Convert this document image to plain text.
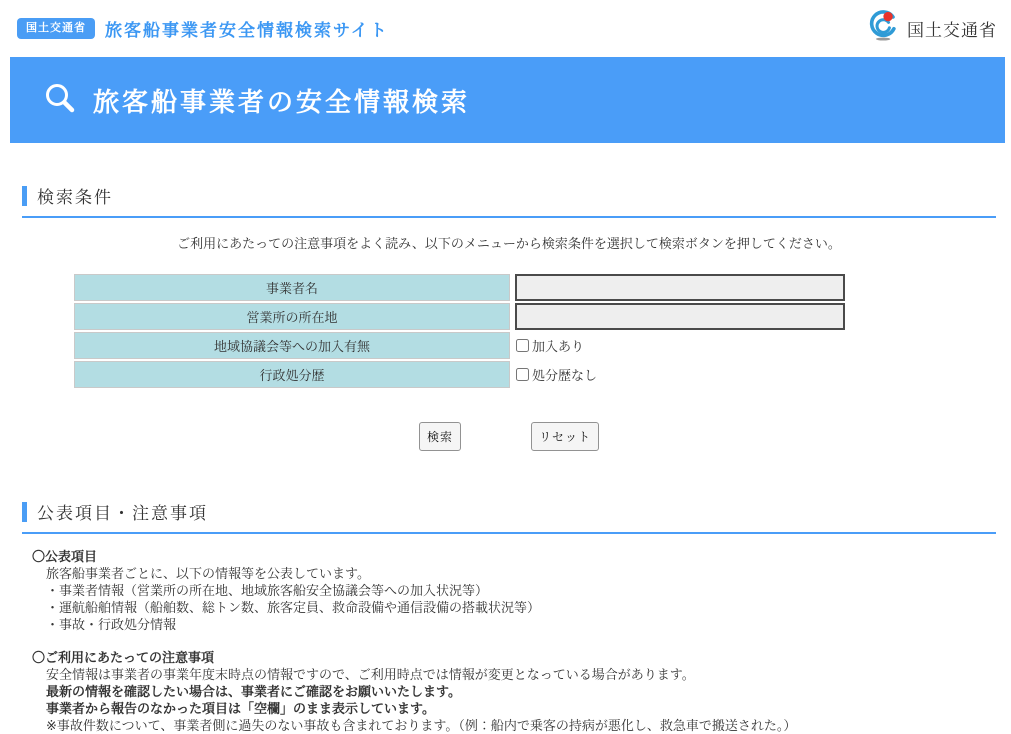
国土交通省	旅客船事業者安全情報検索サイト	国土交通省
旅客船事業者の安全情報検索
検索条件
ご利用にあたっての注意事項をよく読み、以下のメニューから検索条件を選択して検索ボタンを押してください。
事業者名	
営業所の所在地	
地域協議会等への加入有無	加入あり

行政処分歴	処分歴なし
検索	リセット
公表項目・注意事項
〇公表項目
旅客船事業者ごとに、以下の情報等を公表しています。
・事業者情報（営業所の所在地、地域旅客船安全協議会等への加入状況等）
・運航船舶情報（船舶数、総トン数、旅客定員、救命設備や通信設備の搭載状況等）
・事故・行政処分情報
〇ご利用にあたっての注意事項
安全情報は事業者の事業年度末時点の情報ですので、ご利用時点では情報が変更となっている場合があります。
最新の情報を確認したい場合は、事業者にご確認をお願いいたします。
事業者から報告のなかった項目は「空欄」のまま表示しています。
※事故件数について、事業者側に過失のない事故も含まれております。（例：船内で乗客の持病が悪化し、救急車で搬送された。）
